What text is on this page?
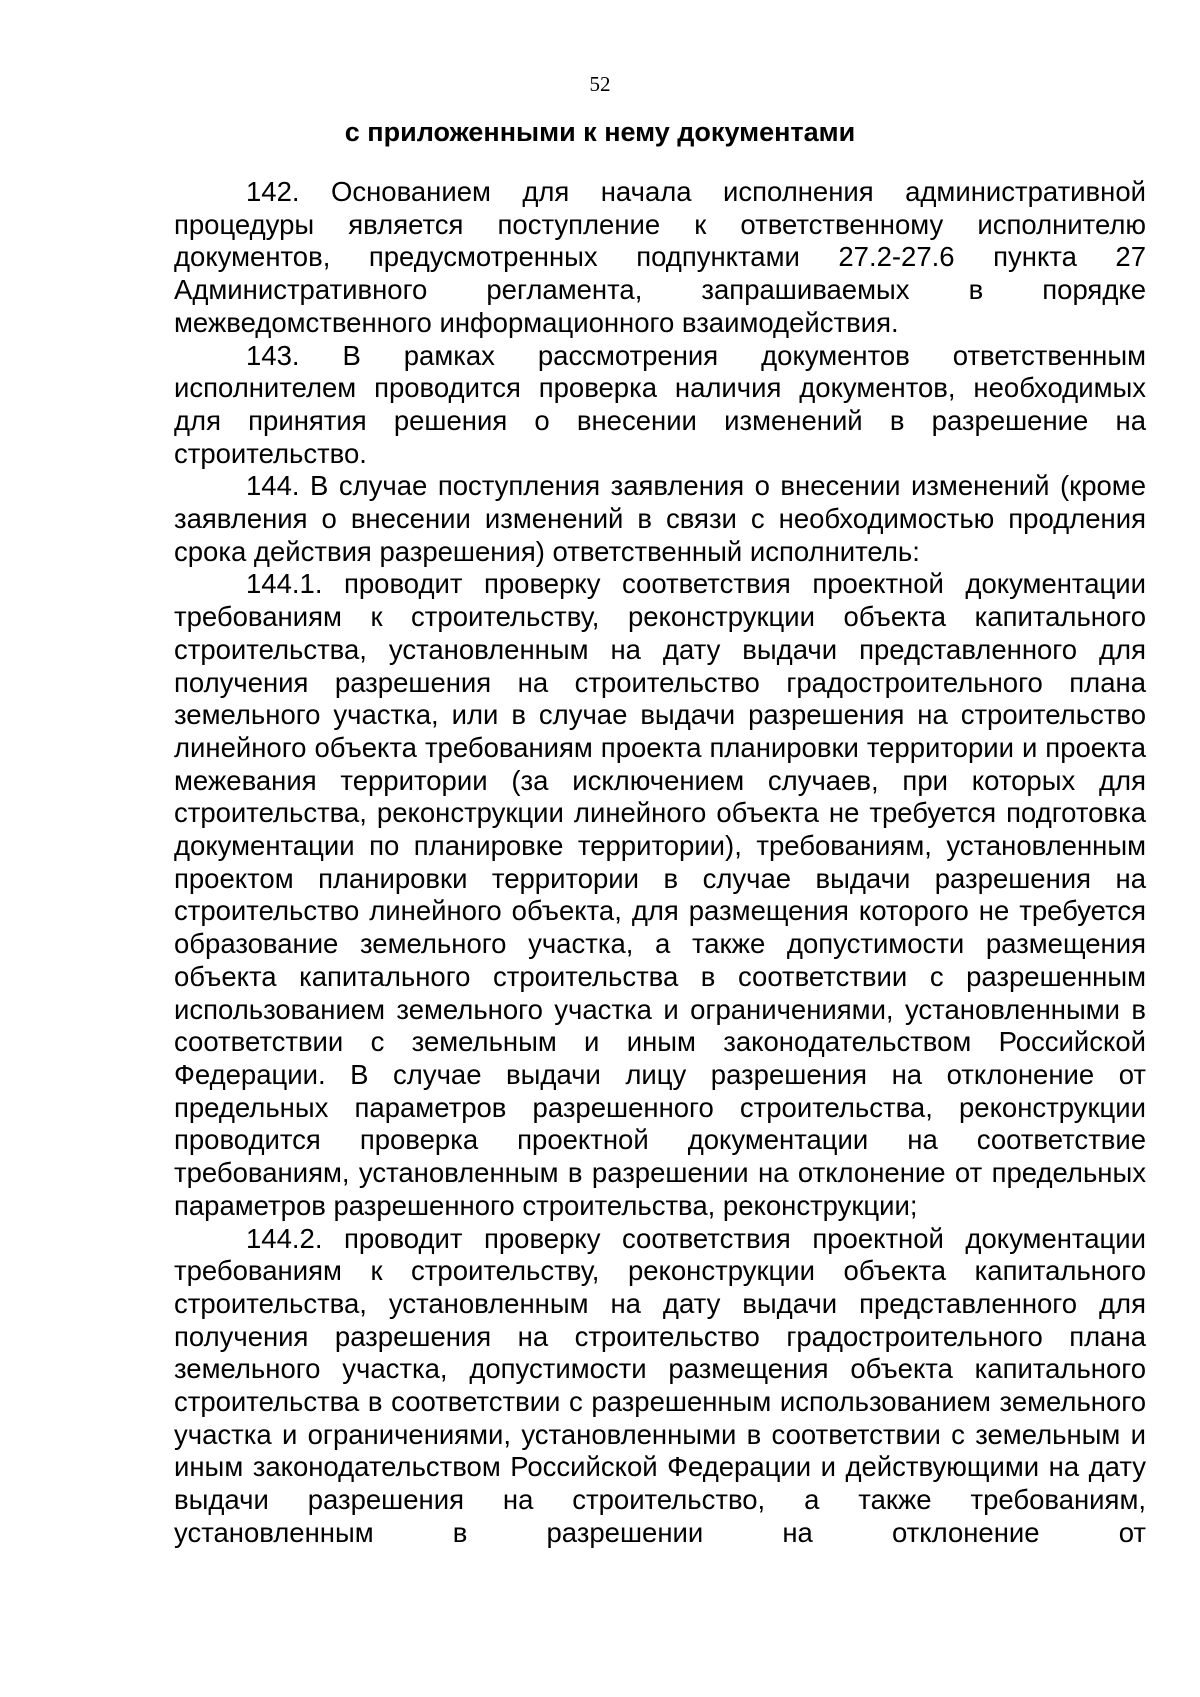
52
с приложенными к нему документами

142. Основанием для начала исполнения административной процедуры является поступление к ответственному исполнителю документов, предусмотренных подпунктами 27.2-27.6 пункта 27 Административного регламента, запрашиваемых в порядке межведомственного информационного взаимодействия.

143. В рамках рассмотрения документов ответственным исполнителем проводится проверка наличия документов, необходимых для принятия решения о внесении изменений в разрешение на строительство.

144. В случае поступления заявления о внесении изменений (кроме заявления о внесении изменений в связи с необходимостью продления срока действия разрешения) ответственный исполнитель:

144.1. проводит проверку соответствия проектной документации требованиям к строительству, реконструкции объекта капитального строительства, установленным на дату выдачи представленного для получения разрешения на строительство градостроительного плана земельного участка, или в случае выдачи разрешения на строительство линейного объекта требованиям проекта планировки территории и проекта межевания территории (за исключением случаев, при которых для строительства, реконструкции линейного объекта не требуется подготовка документации по планировке территории), требованиям, установленным проектом планировки территории в случае выдачи разрешения на строительство линейного объекта, для размещения которого не требуется образование земельного участка, а также допустимости размещения объекта капитального строительства в соответствии с разрешенным использованием земельного участка и ограничениями, установленными в соответствии с земельным и иным законодательством Российской Федерации. В случае выдачи лицу разрешения на отклонение от предельных параметров разрешенного строительства, реконструкции проводится проверка проектной документации на соответствие требованиям, установленным в разрешении на отклонение от предельных параметров разрешенного строительства, реконструкции;

144.2. проводит проверку соответствия проектной документации требованиям к строительству, реконструкции объекта капитального строительства, установленным на дату выдачи представленного для получения разрешения на строительство градостроительного плана земельного участка, допустимости размещения объекта капитального строительства в соответствии с разрешенным использованием земельного участка и ограничениями, установленными в соответствии с земельным и иным законодательством Российской Федерации и действующими на дату выдачи разрешения на строительство, а также требованиям, установленным в разрешении на отклонение от
